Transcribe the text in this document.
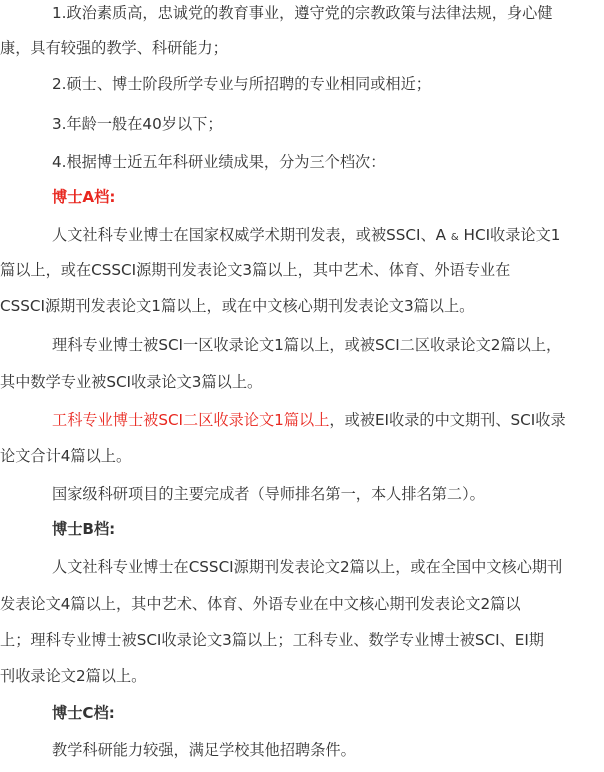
1.政治素质高，忠诚党的教育事业，遵守党的宗教政策与法律法规，身心健
康，具有较强的教学、科研能力；
2.硕士、博士阶段所学专业与所招聘的专业相同或相近；
3.年龄一般在40岁以下；
4.根据博士近五年科研业绩成果，分为三个档次：
博士A档:
人文社科专业博士在国家权威学术期刊发表，或被SSCI、A & HCI收录论文1
篇以上，或在CSSCI源期刊发表论文3篇以上，其中艺术、体育、外语专业在
CSSCI源期刊发表论文1篇以上，或在中文核心期刊发表论文3篇以上。
理科专业博士被SCI一区收录论文1篇以上，或被SCI二区收录论文2篇以上，
其中数学专业被SCI收录论文3篇以上。
工科专业博士被SCI二区收录论文1篇以上，或被EI收录的中文期刊、SCI收录
论文合计4篇以上。
国家级科研项目的主要完成者（导师排名第一，本人排名第二）。
博士B档:
人文社科专业博士在CSSCI源期刊发表论文2篇以上，或在全国中文核心期刊
发表论文4篇以上，其中艺术、体育、外语专业在中文核心期刊发表论文2篇以
上；理科专业博士被SCI收录论文3篇以上；工科专业、数学专业博士被SCI、EI期
刊收录论文2篇以上。
博士C档:
教学科研能力较强，满足学校其他招聘条件。
